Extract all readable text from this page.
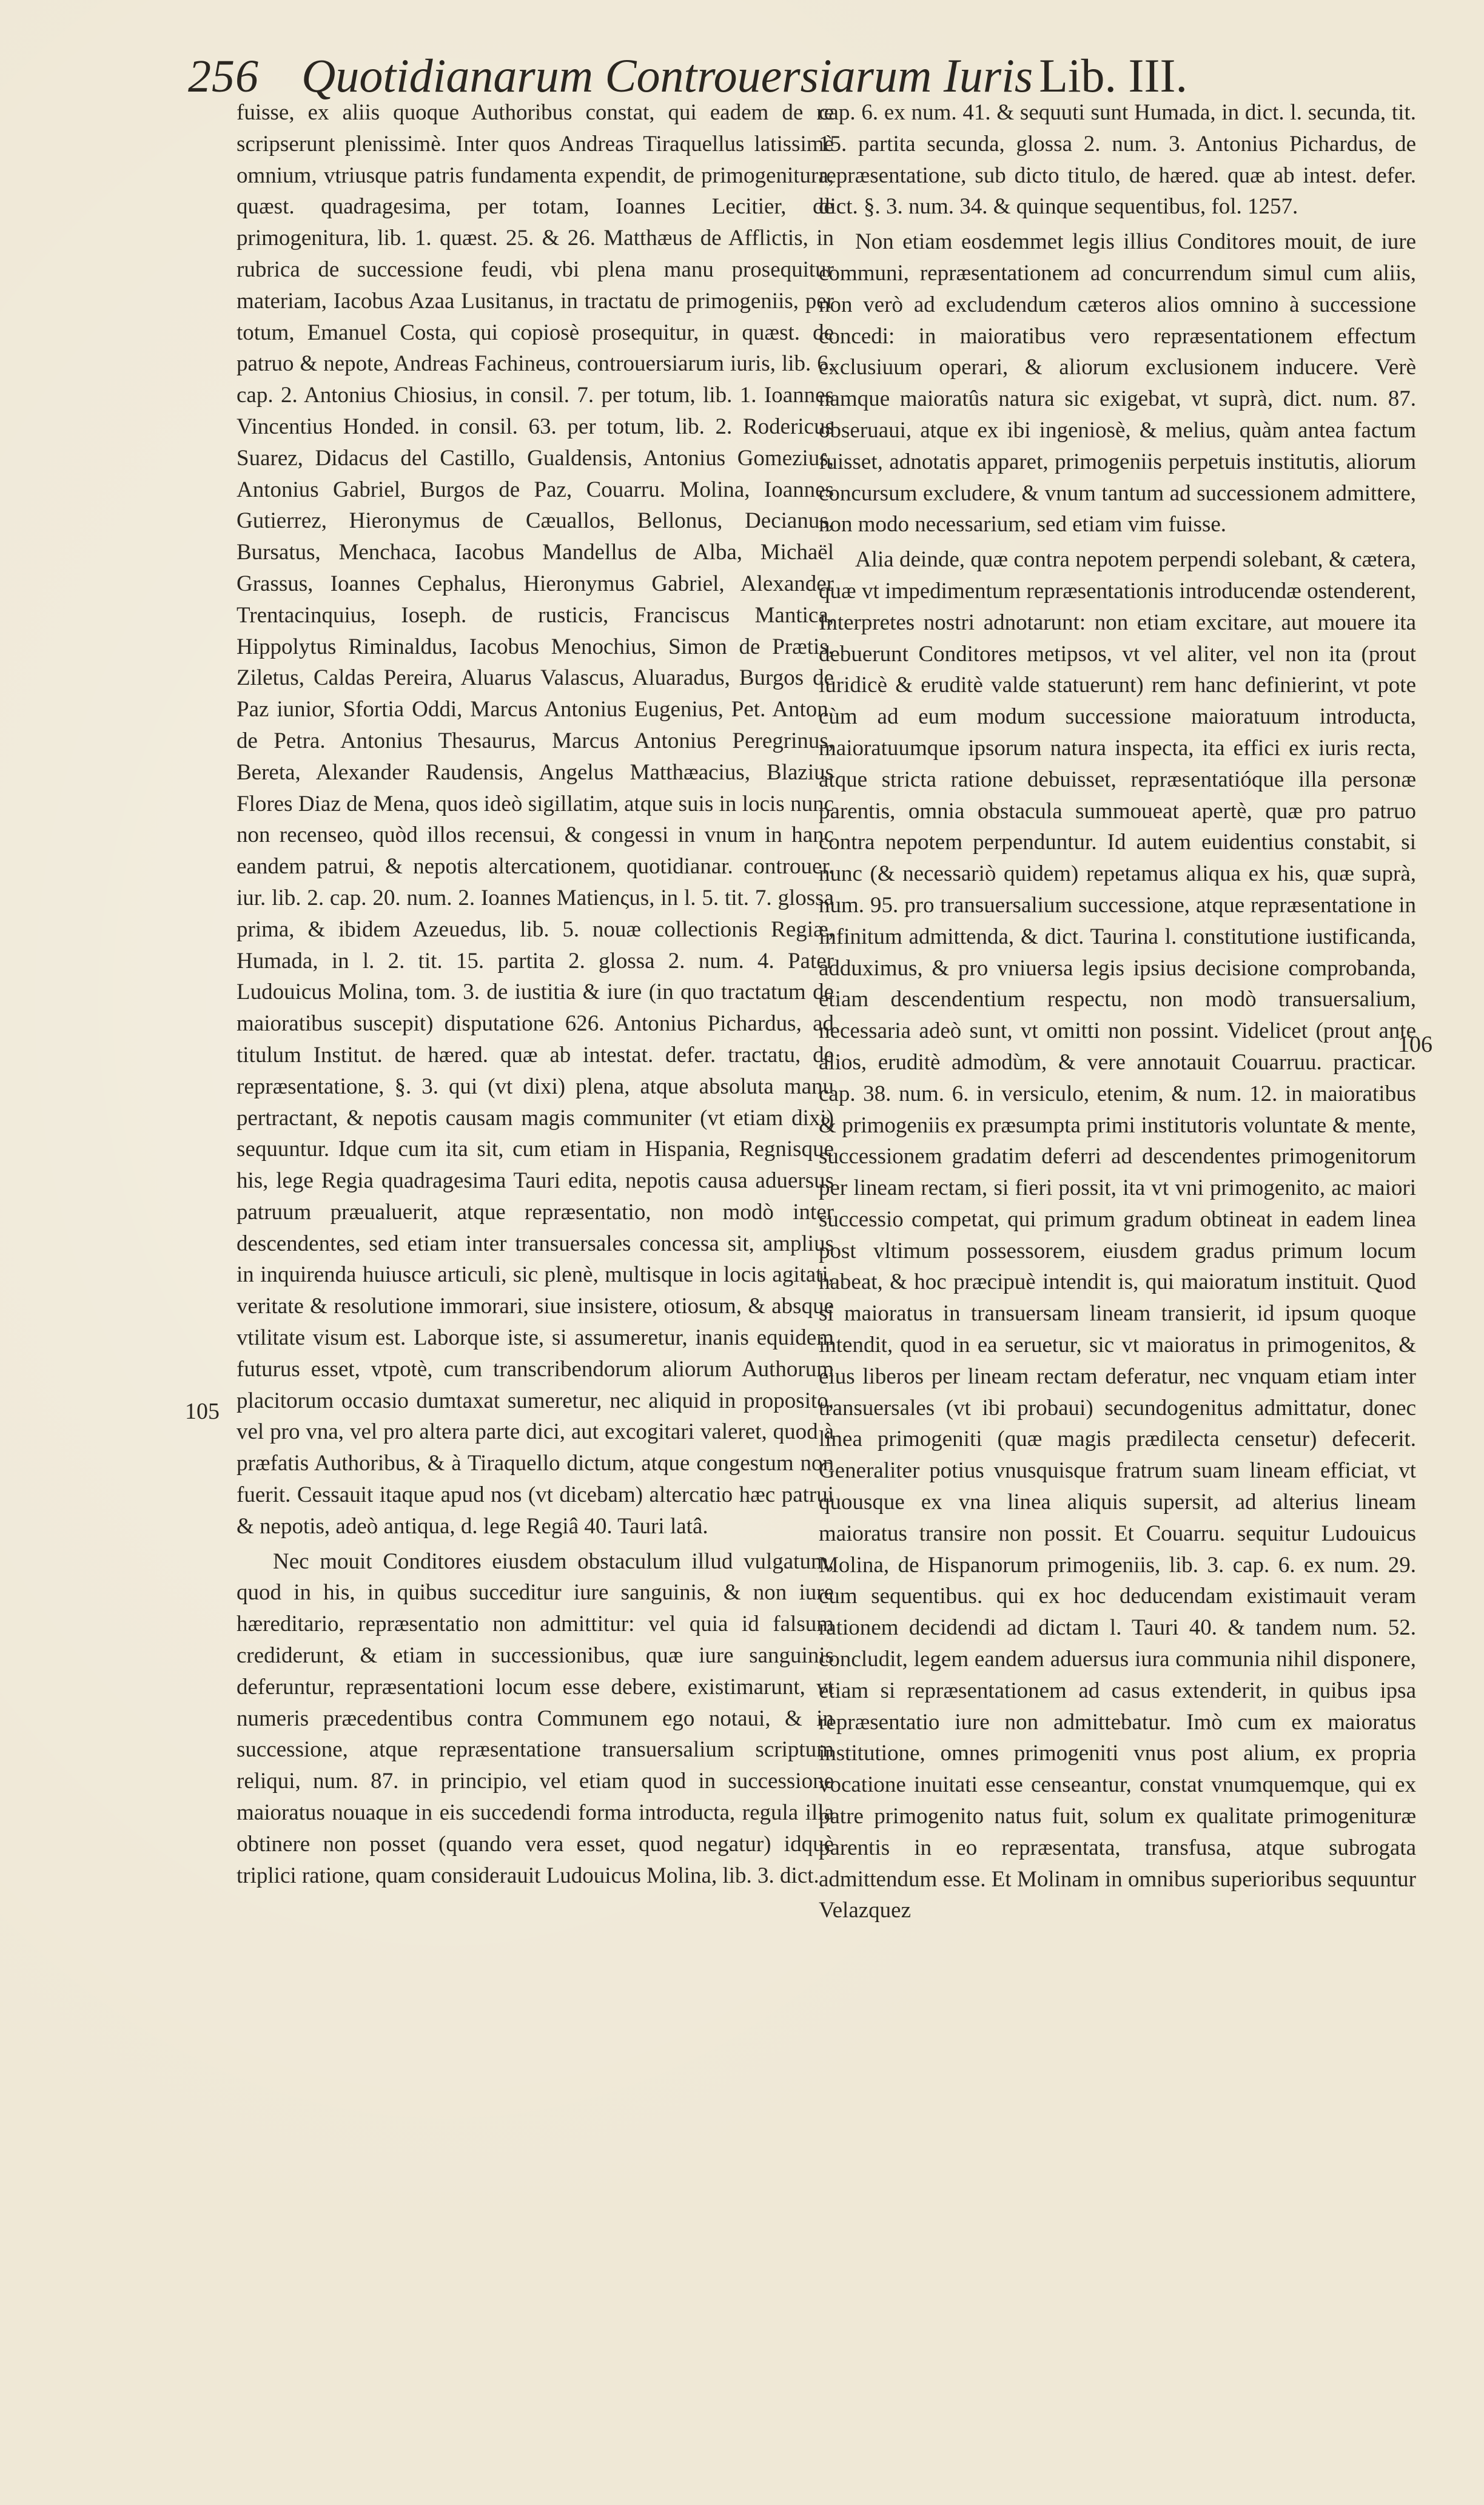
256 Quotidianarum Controuersiarum Iuris Lib. III.
105
106

fuisse, ex aliis quoque Authoribus constat, qui eadem de re scripserunt plenissimè. Inter quos Andreas Tiraquellus latissimè omnium, vtriusque patris fundamenta expendit, de primogenitura, quæst. quadragesima, per totam, Ioannes Lecitier, de primogenitura, lib. 1. quæst. 25. & 26. Matthæus de Afflictis, in rubrica de successione feudi, vbi plena manu prosequitur materiam, Iacobus Azaa Lusitanus, in tractatu de primogeniis, per totum, Emanuel Costa, qui copiosè prosequitur, in quæst. de patruo & nepote, Andreas Fachineus, controuersiarum iuris, lib. 6. cap. 2. Antonius Chiosius, in consil. 7. per totum, lib. 1. Ioannes Vincentius Honded. in consil. 63. per totum, lib. 2. Rodericus Suarez, Didacus del Castillo, Gualdensis, Antonius Gomezius, Antonius Gabriel, Burgos de Paz, Couarru. Molina, Ioannes Gutierrez, Hieronymus de Cæuallos, Bellonus, Decianus, Bursatus, Menchaca, Iacobus Mandellus de Alba, Michaël Grassus, Ioannes Cephalus, Hieronymus Gabriel, Alexander Trentacinquius, Ioseph. de rusticis, Franciscus Mantica, Hippolytus Riminaldus, Iacobus Menochius, Simon de Prætis, Ziletus, Caldas Pereira, Aluarus Valascus, Aluaradus, Burgos de Paz iunior, Sfortia Oddi, Marcus Antonius Eugenius, Pet. Anton. de Petra. Antonius Thesaurus, Marcus Antonius Peregrinus, Bereta, Alexander Raudensis, Angelus Matthæacius, Blazius Flores Diaz de Mena, quos ideò sigillatim, atque suis in locis nunc non recenseo, quòd illos recensui, & congessi in vnum in hanc eandem patrui, & nepotis altercationem, quotidianar. controuer. iur. lib. 2. cap. 20. num. 2. Ioannes Matienςus, in l. 5. tit. 7. glossa prima, & ibidem Azeuedus, lib. 5. nouæ collectionis Regiæ, Humada, in l. 2. tit. 15. partita 2. glossa 2. num. 4. Pater Ludouicus Molina, tom. 3. de iustitia & iure (in quo tractatum de maioratibus suscepit) disputatione 626. Antonius Pichardus, ad titulum Institut. de hæred. quæ ab intestat. defer. tractatu, de repræsentatione, §. 3. qui (vt dixi) plena, atque absoluta manu pertractant, & nepotis causam magis communiter (vt etiam dixi) sequuntur. Idque cum ita sit, cum etiam in Hispania, Regnisque his, lege Regia quadragesima Tauri edita, nepotis causa aduersus patruum præualuerit, atque repræsentatio, non modò inter descendentes, sed etiam inter transuersales concessa sit, amplius in inquirenda huiusce articuli, sic plenè, multisque in locis agitati, veritate & resolutione immorari, siue insistere, otiosum, & absque vtilitate visum est. Laborque iste, si assumeretur, inanis equidem futurus esset, vtpotè, cum transcribendorum aliorum Authorum placitorum occasio dumtaxat sumeretur, nec aliquid in proposito, vel pro vna, vel pro altera parte dici, aut excogitari valeret, quod à præfatis Authoribus, & à Tiraquello dictum, atque congestum non fuerit. Cessauit itaque apud nos (vt dicebam) altercatio hæc patrui & nepotis, adeò antiqua, d. lege Regiâ 40. Tauri latâ.

Nec mouit Conditores eiusdem obstaculum illud vulgatum, quod in his, in quibus succeditur iure sanguinis, & non iure hæreditario, repræsentatio non admittitur: vel quia id falsum crediderunt, & etiam in successionibus, quæ iure sanguinis deferuntur, repræsentationi locum esse debere, existimarunt, vt numeris præcedentibus contra Communem ego notaui, & in successione, atque repræsentatione transuersalium scriptum reliqui, num. 87. in principio, vel etiam quod in successione maioratus nouaque in eis succedendi forma introducta, regula illa obtinere non posset (quando vera esset, quod negatur) idquè triplici ratione, quam considerauit Ludouicus Molina, lib. 3. dict.

cap. 6. ex num. 41. & sequuti sunt Humada, in dict. l. secunda, tit. 15. partita secunda, glossa 2. num. 3. Antonius Pichardus, de repræsentatione, sub dicto titulo, de hæred. quæ ab intest. defer. dict. §. 3. num. 34. & quinque sequentibus, fol. 1257.

Non etiam eosdemmet legis illius Conditores mouit, de iure communi, repræsentationem ad concurrendum simul cum aliis, non verò ad excludendum cæteros alios omnino à successione concedi: in maioratibus vero repræsentationem effectum exclusiuum operari, & aliorum exclusionem inducere. Verè namque maioratûs natura sic exigebat, vt suprà, dict. num. 87. obseruaui, atque ex ibi ingeniosè, & melius, quàm antea factum fuisset, adnotatis apparet, primogeniis perpetuis institutis, aliorum concursum excludere, & vnum tantum ad successionem admittere, non modo necessarium, sed etiam vim fuisse.

Alia deinde, quæ contra nepotem perpendi solebant, & cætera, quæ vt impedimentum repræsentationis introducendæ ostenderent, Interpretes nostri adnotarunt: non etiam excitare, aut mouere ita debuerunt Conditores metipsos, vt vel aliter, vel non ita (prout iuridicè & eruditè valde statuerunt) rem hanc definierint, vt pote cùm ad eum modum successione maioratuum introducta, maioratuumque ipsorum natura inspecta, ita effici ex iuris recta, atque stricta ratione debuisset, repræsentatióque illa personæ parentis, omnia obstacula summoueat apertè, quæ pro patruo contra nepotem perpenduntur. Id autem euidentius constabit, si nunc (& necessariò quidem) repetamus aliqua ex his, quæ suprà, num. 95. pro transuersalium successione, atque repræsentatione in infinitum admittenda, & dict. Taurina l. constitutione iustificanda, adduximus, & pro vniuersa legis ipsius decisione comprobanda, etiam descendentium respectu, non modò transuersalium, necessaria adeò sunt, vt omitti non possint. Videlicet (prout ante alios, eruditè admodùm, & vere annotauit Couarruu. practicar. cap. 38. num. 6. in versiculo, etenim, & num. 12. in maioratibus & primogeniis ex præsumpta primi institutoris voluntate & mente, successionem gradatim deferri ad descendentes primogenitorum per lineam rectam, si fieri possit, ita vt vni primogenito, ac maiori successio competat, qui primum gradum obtineat in eadem linea post vltimum possessorem, eiusdem gradus primum locum habeat, & hoc præcipuè intendit is, qui maioratum instituit. Quod si maioratus in transuersam lineam transierit, id ipsum quoque intendit, quod in ea seruetur, sic vt maioratus in primogenitos, & eius liberos per lineam rectam deferatur, nec vnquam etiam inter transuersales (vt ibi probaui) secundogenitus admittatur, donec linea primogeniti (quæ magis prædilecta censetur) defecerit. Generaliter potius vnusquisque fratrum suam lineam efficiat, vt quousque ex vna linea aliquis supersit, ad alterius lineam maioratus transire non possit. Et Couarru. sequitur Ludouicus Molina, de Hispanorum primogeniis, lib. 3. cap. 6. ex num. 29. cum sequentibus. qui ex hoc deducendam existimauit veram rationem decidendi ad dictam l. Tauri 40. & tandem num. 52. concludit, legem eandem aduersus iura communia nihil disponere, etiam si repræsentationem ad casus extenderit, in quibus ipsa repræsentatio iure non admittebatur. Imò cum ex maioratus institutione, omnes primogeniti vnus post alium, ex propria vocatione inuitati esse censeantur, constat vnumquemque, qui ex patre primogenito natus fuit, solum ex qualitate primogenituræ parentis in eo repræsentata, transfusa, atque subrogata admittendum esse. Et Molinam in omnibus superioribus sequuntur Velazquez
